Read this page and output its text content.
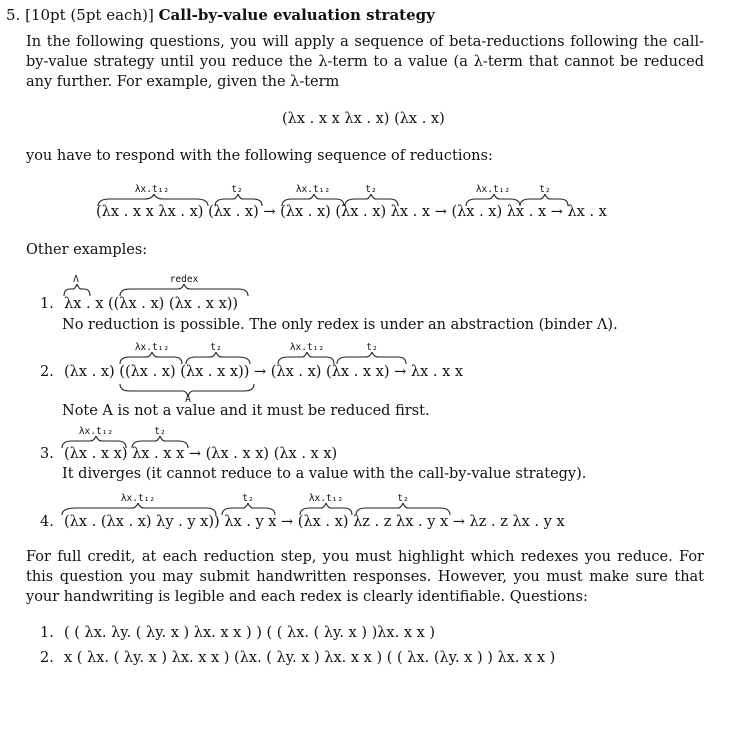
5. [10pt (5pt each)] Call-by-value evaluation strategy
In the following questions, you will apply a sequence of beta-reductions following the call-by-value strategy until you reduce the λ-term to a value (a λ-term that cannot be reduced any further. For example, given the λ-term
(λx . x x λx . x) (λx . x)
you have to respond with the following sequence of reductions:
λx.t₁₂	t₂	λx.t₁₂	t₂	λx.t₁₂	t₂
(λx . x x λx . x) (λx . x) → (λx . x) (λx . x) λx . x → (λx . x) λx . x → λx . x
Other examples:
Λ	redex
1. λx . x ((λx . x) (λx . x x))
No reduction is possible. The only redex is under an abstraction (binder Λ).
λx.t₁₂	t₂	λx.t₁₂	t₂
2. (λx . x) ((λx . x) (λx . x x)) → (λx . x) (λx . x x) → λx . x x
A
Note A is not a value and it must be reduced first.
λx.t₁₂	t₂
3. (λx . x x) λx . x x → (λx . x x) (λx . x x)
It diverges (it cannot reduce to a value with the call-by-value strategy).
λx.t₁₂	t₂	λx.t₁₂	t₂
4. (λx . (λx . x) λy . y x)) λx . y x → (λx . x) λz . z λx . y x → λz . z λx . y x
For full credit, at each reduction step, you must highlight which redexes you reduce. For this question you may submit handwritten responses. However, you must make sure that your handwriting is legible and each redex is clearly identifiable. Questions:
1. ( ( λx. λy. ( λy. x ) λx. x x ) ) ( ( λx. ( λy. x ) )λx. x x )
2. x ( λx. ( λy. x ) λx. x x ) (λx. ( λy. x ) λx. x x ) ( ( λx. (λy. x ) ) λx. x x )
